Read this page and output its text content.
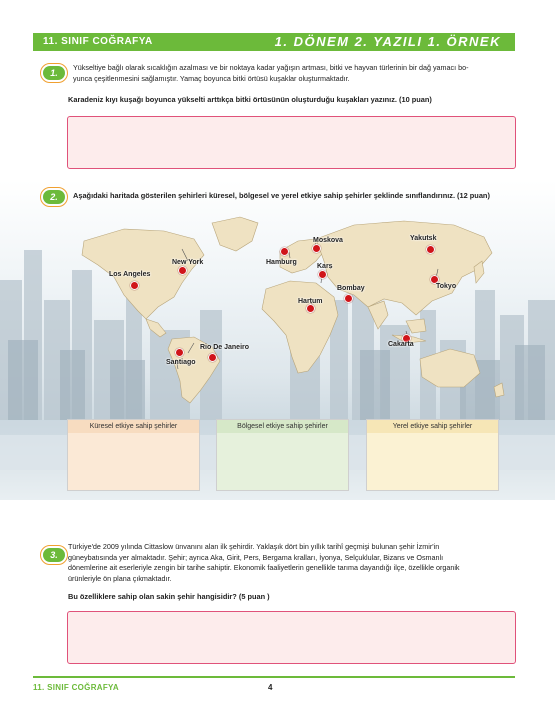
11. SINIF COĞRAFYA	1. DÖNEM 2. YAZILI 1. ÖRNEK
1.
Yükseltiye bağlı olarak sıcaklığın azalması ve bir noktaya kadar yağışın artması, bitki ve hayvan türlerinin bir dağ yamacı bo-
yunca çeşitlenmesini sağlamıştır. Yamaç boyunca bitki örtüsü kuşaklar oluşturmaktadır.
Karadeniz kıyı kuşağı boyunca yükselti arttıkça bitki örtüsünün oluşturduğu kuşakları yazınız. (10 puan)
2.	Aşağıdaki haritada gösterilen şehirleri küresel, bölgesel ve yerel etkiye sahip şehirler şeklinde sınıflandırınız. (12 puan)
Los Angeles
New York
Santiago
Rio De Janeiro
Hamburg
Moskova
Kars
Hartum
Bombay
Yakutsk
Tokyo
Cakarta
Küresel etkiye sahip şehirler	Bölgesel etkiye sahip şehirler	Yerel etkiye sahip şehirler
3.
Türkiye'de 2009 yılında Cittaslow ünvanını alan ilk şehirdir. Yaklaşık dört bin yıllık tarihî geçmişi bulunan şehir İzmir'in
güneybatısında yer almaktadır. Şehir; ayrıca Aka, Girit, Pers, Bergama kralları, İyonya, Selçuklular, Bizans ve Osmanlı
dönemlerine ait eserleriyle zengin bir tarihe sahiptir. Ekonomik faaliyetlerin genellikle tarıma dayandığı ilçe, özellikle organik
ürünleriyle ön plana çıkmaktadır.
Bu özelliklere sahip olan sakin şehir hangisidir? (5 puan )
11. SINIF COĞRAFYA	4
